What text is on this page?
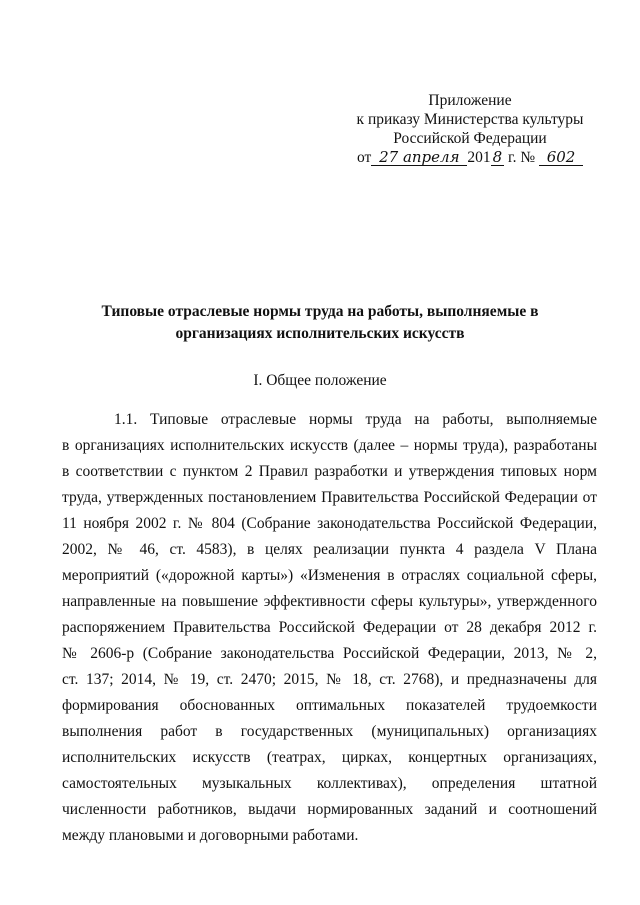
Приложение
к приказу Министерства культуры
Российской Федерации
от 27 апреля 201 8 г. № 602
Типовые отраслевые нормы труда на работы, выполняемые в
организациях исполнительских искусств
I. Общее положение
1.1. Типовые отраслевые нормы труда на работы, выполняемые
в организациях исполнительских искусств (далее – нормы труда), разработаны
в соответствии с пунктом 2 Правил разработки и утверждения типовых норм
труда, утвержденных постановлением Правительства Российской Федерации от
11 ноября 2002 г. № 804 (Собрание законодательства Российской Федерации,
2002, № 46, ст. 4583), в целях реализации пункта 4 раздела V Плана
мероприятий («дорожной карты») «Изменения в отраслях социальной сферы,
направленные на повышение эффективности сферы культуры», утвержденного
распоряжением Правительства Российской Федерации от 28 декабря 2012 г.
№ 2606-р (Собрание законодательства Российской Федерации, 2013, № 2,
ст. 137; 2014, № 19, ст. 2470; 2015, № 18, ст. 2768), и предназначены для
формирования обоснованных оптимальных показателей трудоемкости
выполнения работ в государственных (муниципальных) организациях
исполнительских искусств (театрах, цирках, концертных организациях,
самостоятельных музыкальных коллективах), определения штатной
численности работников, выдачи нормированных заданий и соотношений
между плановыми и договорными работами.
